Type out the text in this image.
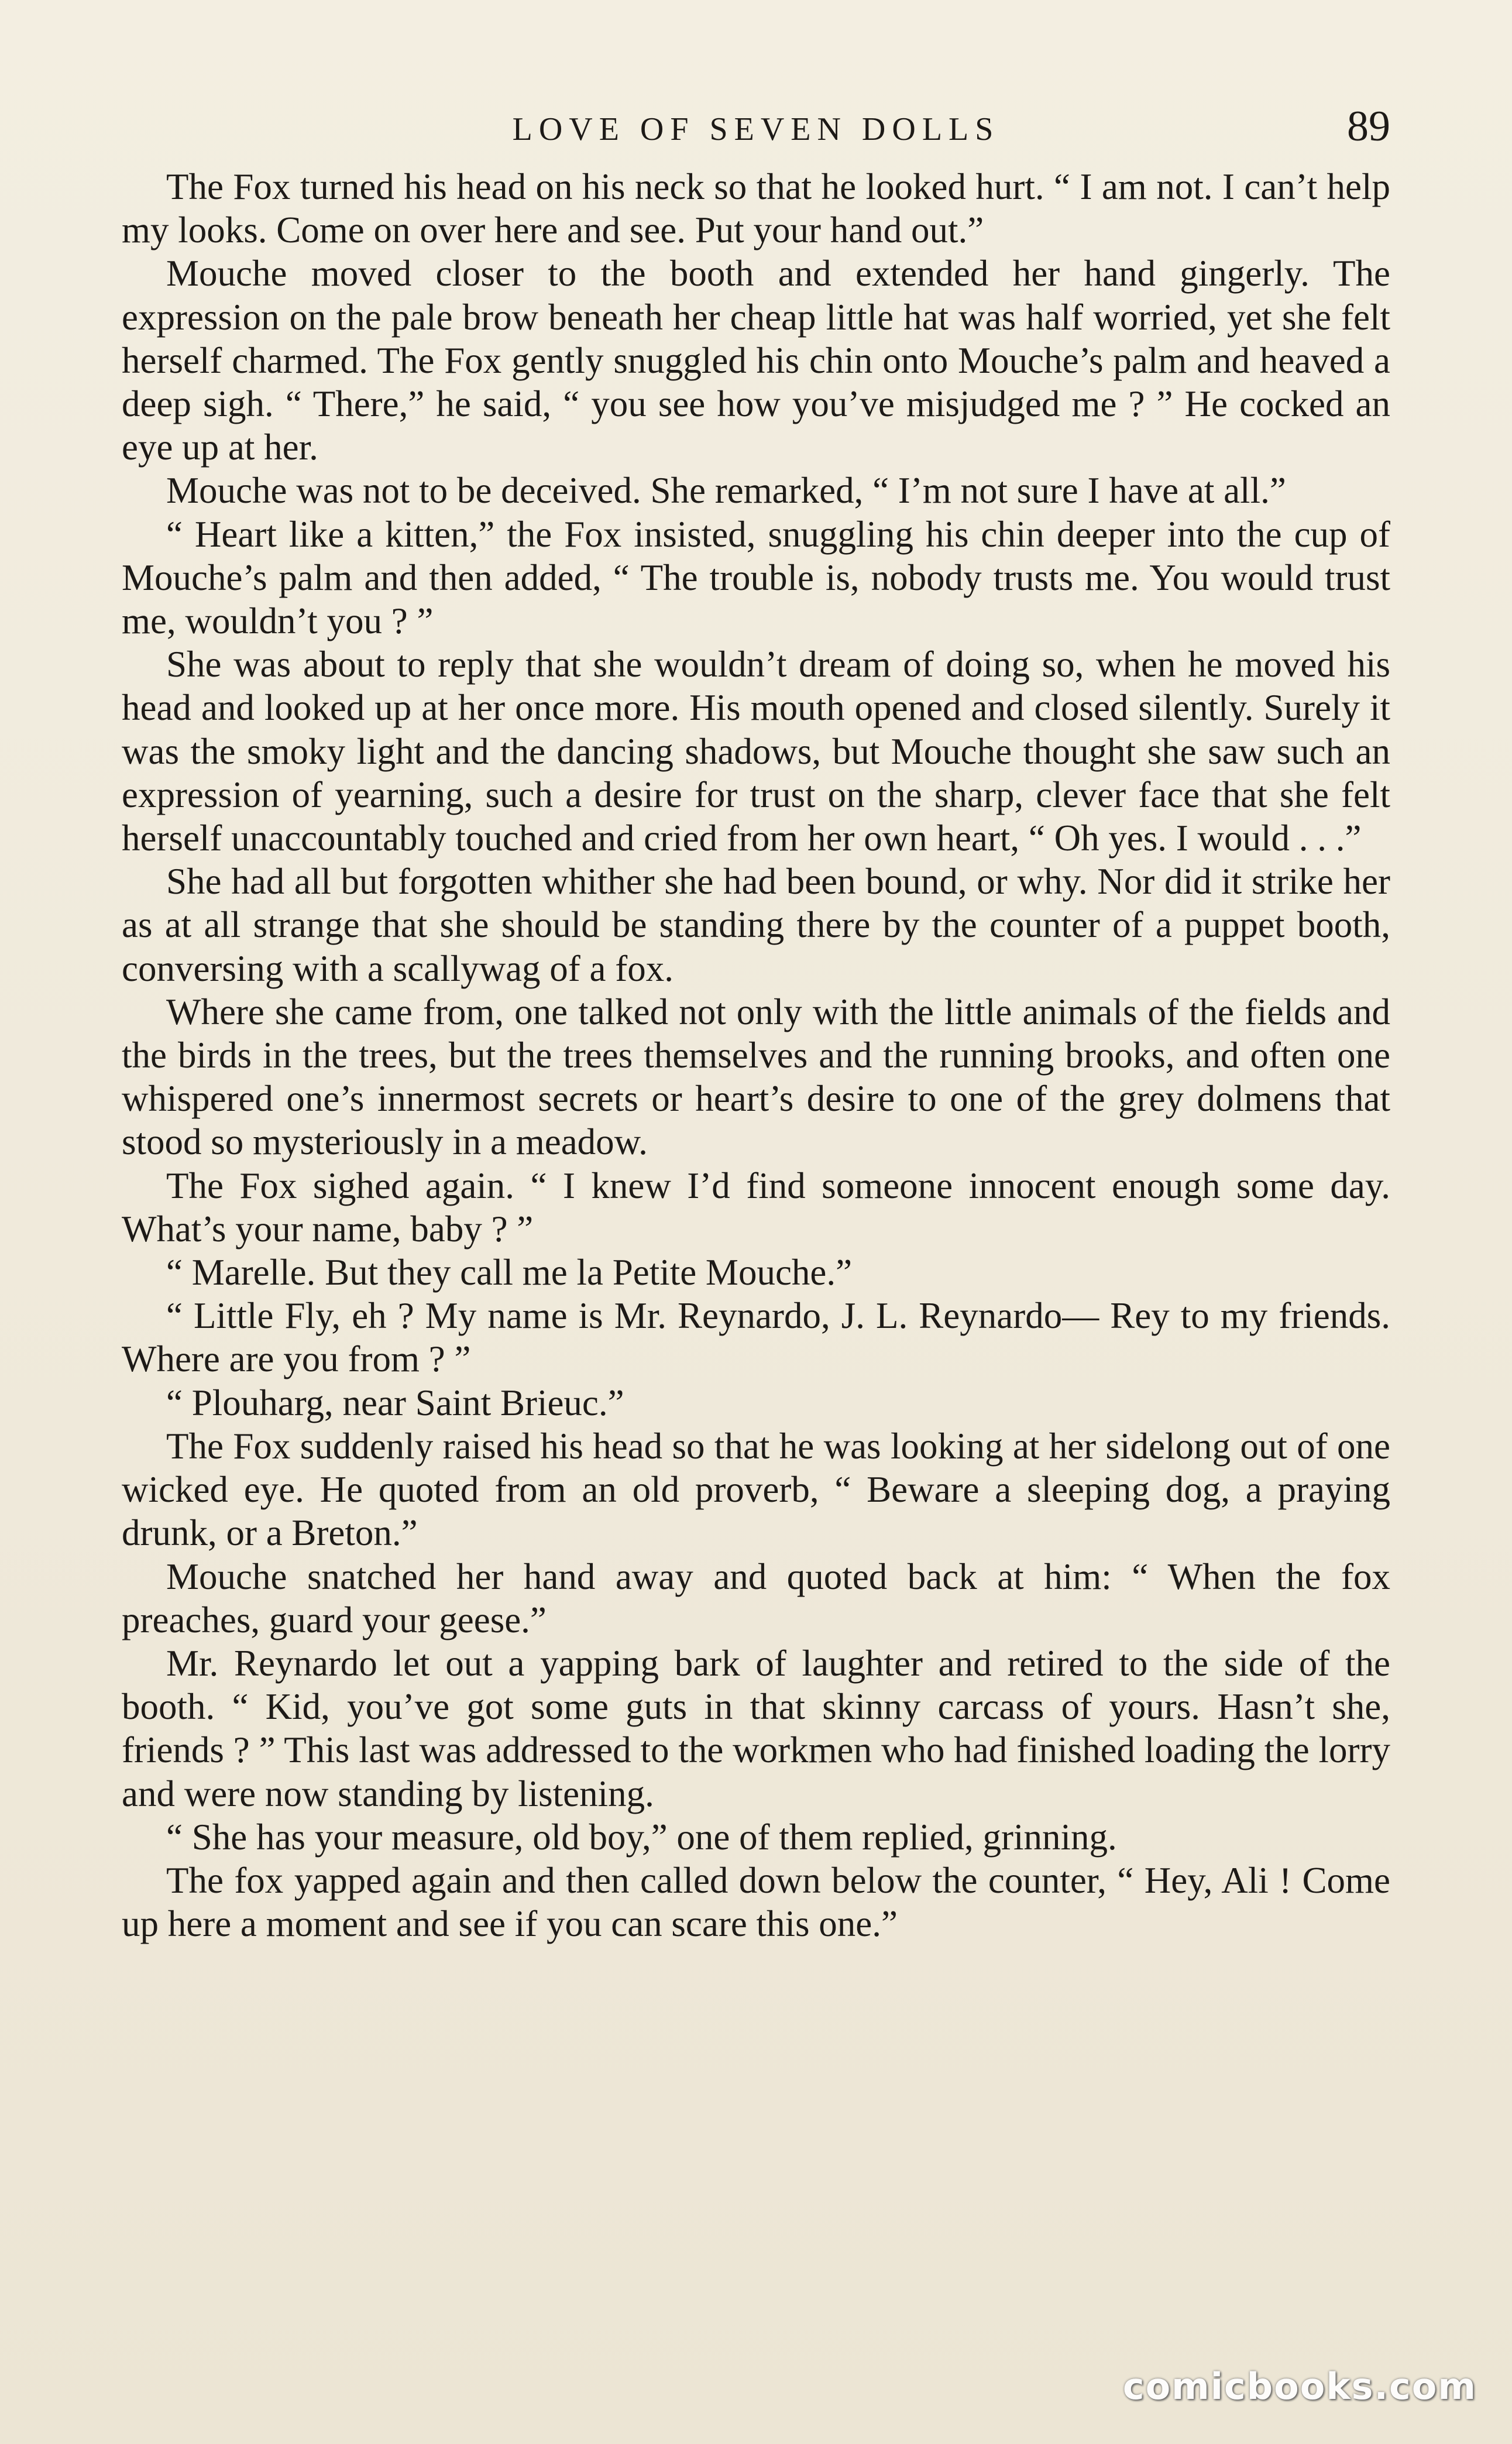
LOVE OF SEVEN DOLLS	89

The Fox turned his head on his neck so that he looked hurt. “ I am not. I can’t help my looks. Come on over here and see. Put your hand out.”

Mouche moved closer to the booth and extended her hand gingerly. The expression on the pale brow beneath her cheap little hat was half worried, yet she felt herself charmed. The Fox gently snuggled his chin onto Mouche’s palm and heaved a deep sigh. “ There,” he said, “ you see how you’ve misjudged me ? ” He cocked an eye up at her.

Mouche was not to be deceived. She remarked, “ I’m not sure I have at all.”

“ Heart like a kitten,” the Fox insisted, snuggling his chin deeper into the cup of Mouche’s palm and then added, “ The trouble is, nobody trusts me. You would trust me, wouldn’t you ? ”

She was about to reply that she wouldn’t dream of doing so, when he moved his head and looked up at her once more. His mouth opened and closed silently. Surely it was the smoky light and the dancing shadows, but Mouche thought she saw such an expression of yearning, such a desire for trust on the sharp, clever face that she felt herself unaccountably touched and cried from her own heart, “ Oh yes. I would . . .”

She had all but forgotten whither she had been bound, or why. Nor did it strike her as at all strange that she should be standing there by the counter of a puppet booth, conversing with a scallywag of a fox.

Where she came from, one talked not only with the little animals of the fields and the birds in the trees, but the trees themselves and the running brooks, and often one whispered one’s innermost secrets or heart’s desire to one of the grey dolmens that stood so mysteriously in a meadow.

The Fox sighed again. “ I knew I’d find someone innocent enough some day. What’s your name, baby ? ”

“ Marelle. But they call me la Petite Mouche.”

“ Little Fly, eh ? My name is Mr. Reynardo, J. L. Reynardo— Rey to my friends. Where are you from ? ”

“ Plouharg, near Saint Brieuc.”

The Fox suddenly raised his head so that he was looking at her sidelong out of one wicked eye. He quoted from an old proverb, “ Beware a sleeping dog, a praying drunk, or a Breton.”

Mouche snatched her hand away and quoted back at him: “ When the fox preaches, guard your geese.”

Mr. Reynardo let out a yapping bark of laughter and retired to the side of the booth. “ Kid, you’ve got some guts in that skinny carcass of yours. Hasn’t she, friends ? ” This last was addressed to the workmen who had finished loading the lorry and were now standing by listening.

“ She has your measure, old boy,” one of them replied, grinning.

The fox yapped again and then called down below the counter, “ Hey, Ali ! Come up here a moment and see if you can scare this one.”

comicbooks.com
